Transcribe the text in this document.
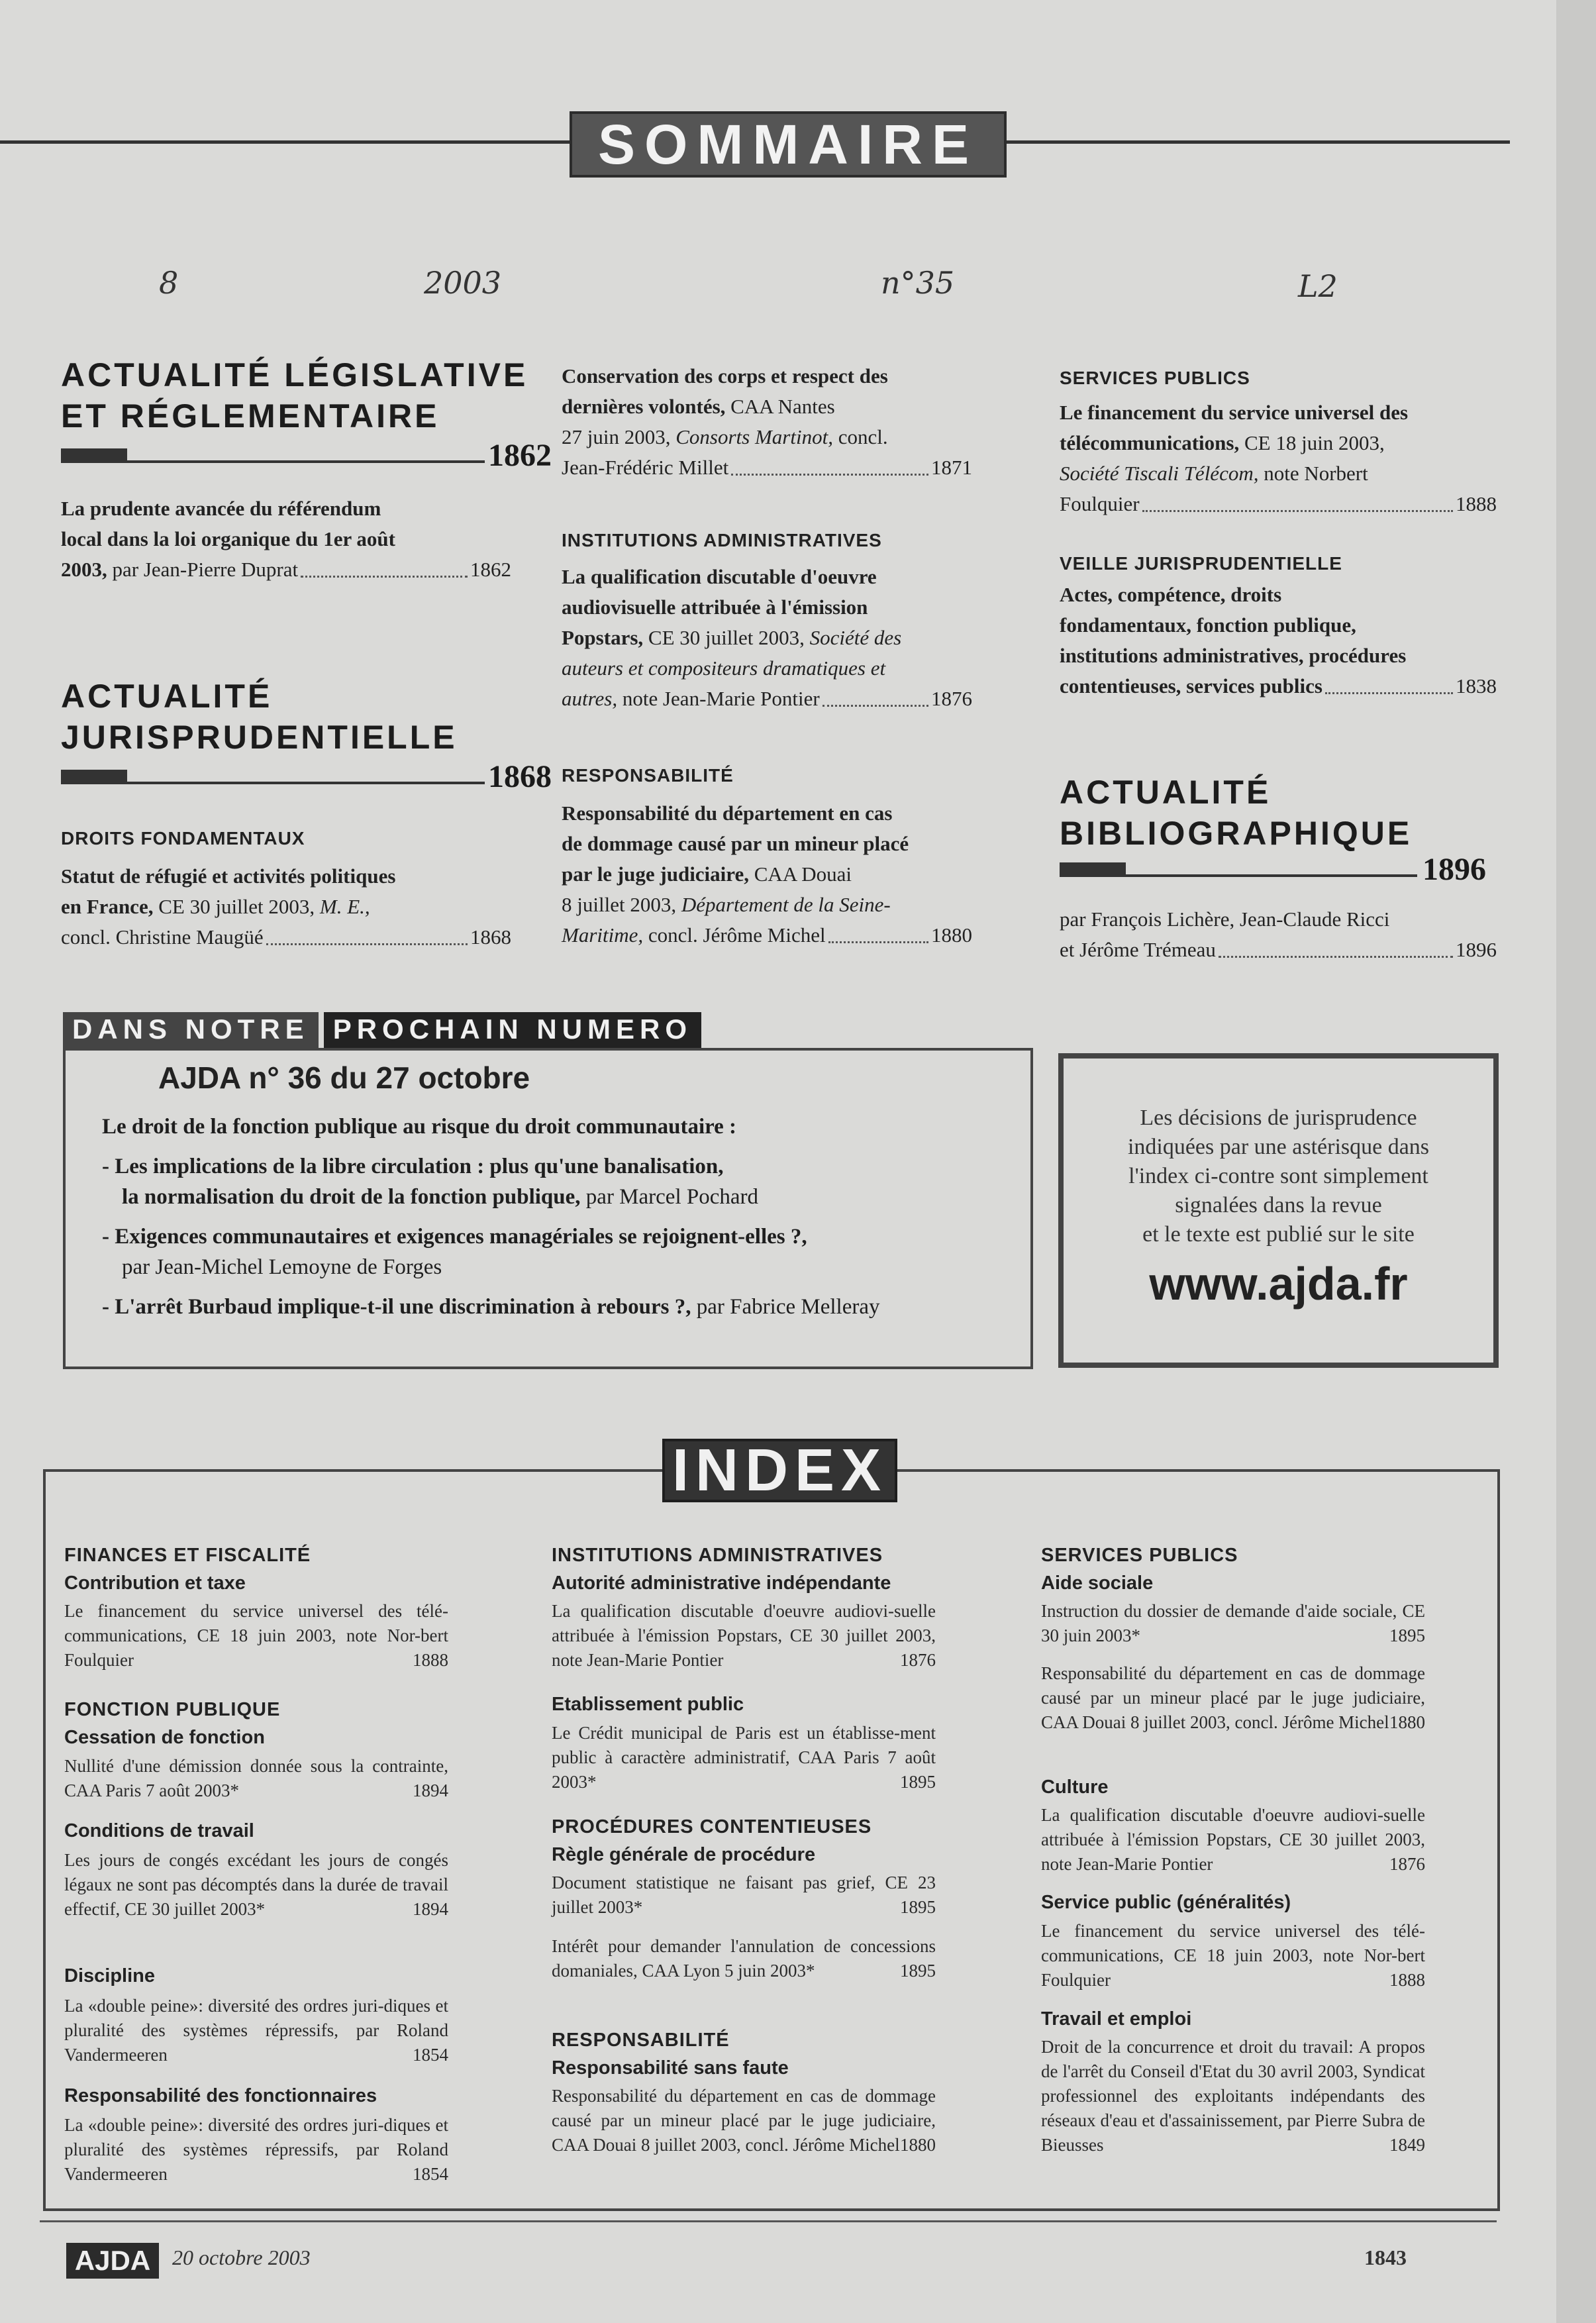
SOMMAIRE
8	2003	n°35	L2
ACTUALITÉ LÉGISLATIVE
ET RÉGLEMENTAIRE
1862
La prudente avancée du référendum
local dans la loi organique du 1er août
2003,
par Jean-Pierre Duprat	1862
ACTUALITÉ
JURISPRUDENTIELLE
1868
DROITS FONDAMENTAUX
Statut de réfugié et activités politiques
en France, CE 30 juillet 2003, M. E.,
concl. Christine Maugüé	1868
Conservation des corps et respect des
dernières volontés, CAA Nantes
27 juin 2003, Consorts Martinot, concl.
Jean-Frédéric Millet	1871
INSTITUTIONS ADMINISTRATIVES
La qualification discutable d'oeuvre
audiovisuelle attribuée à l'émission
Popstars, CE 30 juillet 2003, Société des
auteurs et compositeurs dramatiques et
autres,
note Jean-Marie Pontier	1876
RESPONSABILITÉ
Responsabilité du département en cas
de dommage causé par un mineur placé
par le juge judiciaire, CAA Douai
8 juillet 2003, Département de la Seine-
Maritime,
concl. Jérôme Michel	1880
SERVICES PUBLICS
Le financement du service universel des
télécommunications, CE 18 juin 2003,
Société Tiscali Télécom, note Norbert
Foulquier	1888
VEILLE JURISPRUDENTIELLE
Actes, compétence, droits
fondamentaux, fonction publique,
institutions administratives, procédures
contentieuses, services publics	1838
ACTUALITÉ
BIBLIOGRAPHIQUE
1896
par François Lichère, Jean-Claude Ricci
et Jérôme Trémeau	1896
DANS NOTRE PROCHAIN NUMERO
AJDA n° 36 du 27 octobre
Le droit de la fonction publique au risque du droit communautaire :
- Les implications de la libre circulation : plus qu'une banalisation,
la normalisation du droit de la fonction publique, par Marcel Pochard
- Exigences communautaires et exigences managériales se rejoignent-elles ?,
par Jean-Michel Lemoyne de Forges
- L'arrêt Burbaud implique-t-il une discrimination à rebours ?, par Fabrice Melleray
Les décisions de jurisprudence
indiquées par une astérisque dans
l'index ci-contre sont simplement
signalées dans la revue
et le texte est publié sur le site
www.ajda.fr
INDEX
FINANCES ET FISCALITÉ
Contribution et taxe
Le financement du service universel des télé-communications, CE 18 juin 2003, note Nor-bert Foulquier	1888
FONCTION PUBLIQUE
Cessation de fonction
Nullité d'une démission donnée sous la contrainte, CAA Paris 7 août 2003*	1894
Conditions de travail
Les jours de congés excédant les jours de congés légaux ne sont pas décomptés dans la durée de travail effectif, CE 30 juillet 2003*	1894
Discipline
La «double peine»: diversité des ordres juri-diques et pluralité des systèmes répressifs, par Roland Vandermeeren	1854
Responsabilité des fonctionnaires
La «double peine»: diversité des ordres juri-diques et pluralité des systèmes répressifs, par Roland Vandermeeren	1854
INSTITUTIONS ADMINISTRATIVES
Autorité administrative indépendante
La qualification discutable d'oeuvre audiovi-suelle attribuée à l'émission Popstars, CE 30 juillet 2003, note Jean-Marie Pontier	1876
Etablissement public
Le Crédit municipal de Paris est un établisse-ment public à caractère administratif, CAA Paris 7 août 2003*	1895
PROCÉDURES CONTENTIEUSES
Règle générale de procédure
Document statistique ne faisant pas grief, CE 23 juillet 2003*	1895
Intérêt pour demander l'annulation de concessions domaniales, CAA Lyon 5 juin 2003*	1895
RESPONSABILITÉ
Responsabilité sans faute
Responsabilité du département en cas de dommage causé par un mineur placé par le juge judiciaire, CAA Douai 8 juillet 2003, concl. Jérôme Michel 1880
SERVICES PUBLICS
Aide sociale
Instruction du dossier de demande d'aide sociale, CE 30 juin 2003*	1895
Responsabilité du département en cas de dommage causé par un mineur placé par le juge judiciaire, CAA Douai 8 juillet 2003, concl. Jérôme Michel 1880
Culture
La qualification discutable d'oeuvre audiovi-suelle attribuée à l'émission Popstars, CE 30 juillet 2003, note Jean-Marie Pontier	1876
Service public (généralités)
Le financement du service universel des télé-communications, CE 18 juin 2003, note Nor-bert Foulquier	1888
Travail et emploi
Droit de la concurrence et droit du travail: A propos de l'arrêt du Conseil d'Etat du 30 avril 2003, Syndicat professionnel des exploitants indépendants des réseaux d'eau et d'assainissement, par Pierre Subra de Bieusses	1849
AJDA	20 octobre 2003	1843
